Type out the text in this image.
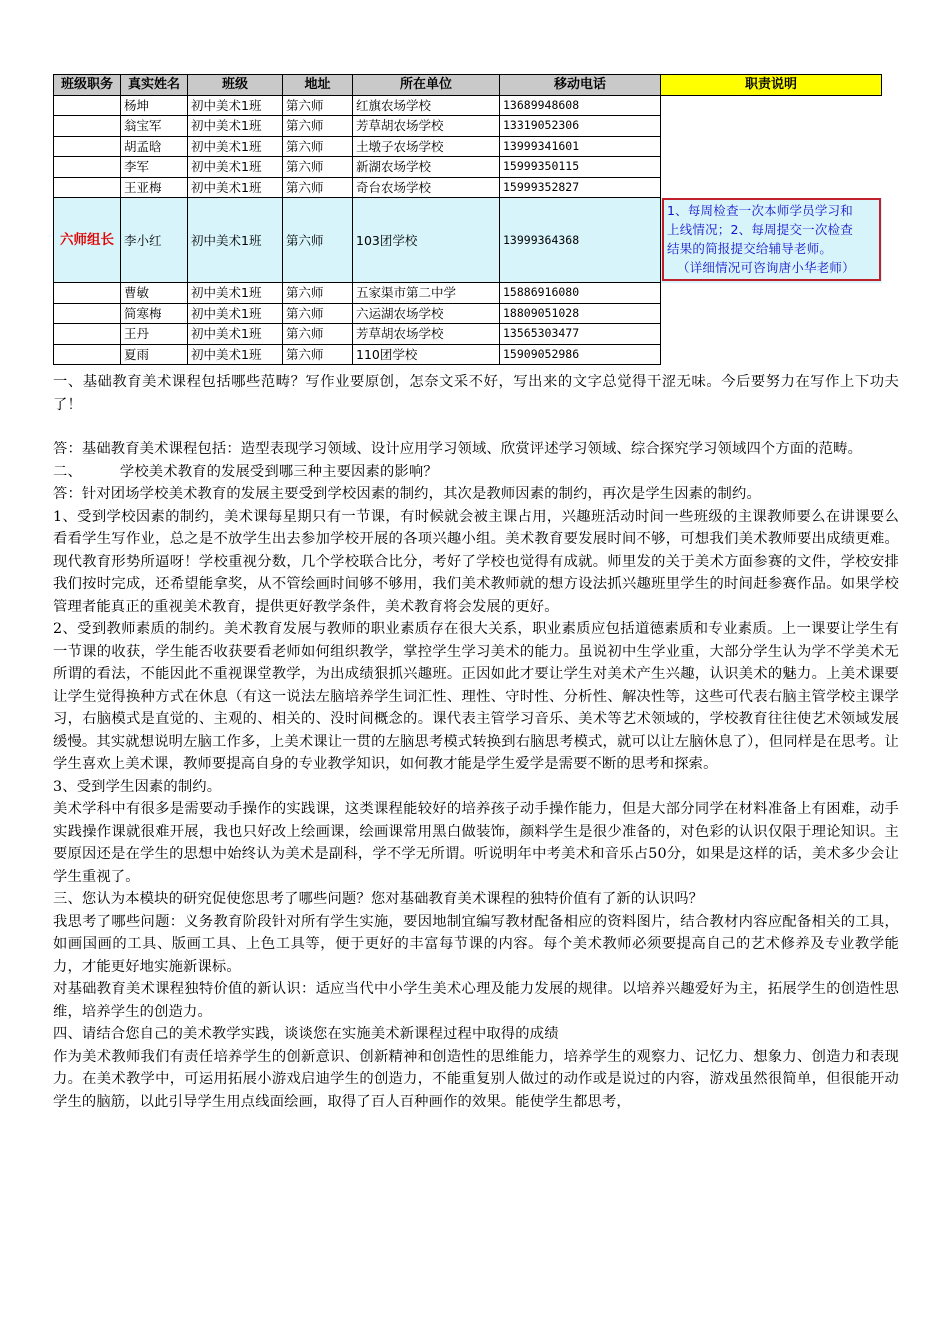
班级职务	真实姓名	班级	地址	所在单位	移动电话	职责说明
	杨坤	初中美术1班	第六师	红旗农场学校	13689948608	
	翁宝军	初中美术1班	第六师	芳草胡农场学校	13319052306	
	胡孟晗	初中美术1班	第六师	土墩子农场学校	13999341601	
	李军	初中美术1班	第六师	新湖农场学校	15999350115	
	王亚梅	初中美术1班	第六师	奇台农场学校	15999352827	
六师组长	李小红	初中美术1班	第六师	103团学校	13999364368	1、每周检查一次本师学员学习和
上线情况；2、每周提交一次检查
结果的简报提交给辅导老师。
（详细情况可咨询唐小华老师）

	曹敏	初中美术1班	第六师	五家渠市第二中学	15886916080	
	简寒梅	初中美术1班	第六师	六运湖农场学校	18809051028	
	王丹	初中美术1班	第六师	芳草胡农场学校	13565303477	
	夏雨	初中美术1班	第六师	110团学校	15909052986	

一、基础教育美术课程包括哪些范畴？写作业要原创，怎奈文采不好，写出来的文字总觉得干涩无味。今后要努力在写作上下功夫了！

答：基础教育美术课程包括：造型表现学习领域、设计应用学习领域、欣赏评述学习领域、综合探究学习领域四个方面的范畴。

二、	学校美术教育的发展受到哪三种主要因素的影响？

答：针对团场学校美术教育的发展主要受到学校因素的制约，其次是教师因素的制约，再次是学生因素的制约。

1、受到学校因素的制约，美术课每星期只有一节课，有时候就会被主课占用，兴趣班活动时间一些班级的主课教师要么在讲课要么看看学生写作业，总之是不放学生出去参加学校开展的各项兴趣小组。美术教育要发展时间不够，可想我们美术教师要出成绩更难。现代教育形势所逼呀！学校重视分数，几个学校联合比分，考好了学校也觉得有成就。师里发的关于美术方面参赛的文件，学校安排我们按时完成，还希望能拿奖，从不管绘画时间够不够用，我们美术教师就的想方设法抓兴趣班里学生的时间赶参赛作品。如果学校管理者能真正的重视美术教育，提供更好教学条件，美术教育将会发展的更好。

2、受到教师素质的制约。美术教育发展与教师的职业素质存在很大关系，职业素质应包括道德素质和专业素质。上一课要让学生有一节课的收获，学生能否收获要看老师如何组织教学，掌控学生学习美术的能力。虽说初中生学业重，大部分学生认为学不学美术无所谓的看法，不能因此不重视课堂教学，为出成绩狠抓兴趣班。正因如此才要让学生对美术产生兴趣，认识美术的魅力。上美术课要让学生觉得换种方式在休息（有这一说法左脑培养学生词汇性、理性、守时性、分析性、解决性等，这些可代表右脑主管学校主课学习，右脑模式是直觉的、主观的、相关的、没时间概念的。课代表主管学习音乐、美术等艺术领域的，学校教育往往使艺术领域发展缓慢。其实就想说明左脑工作多，上美术课让一贯的左脑思考模式转换到右脑思考模式，就可以让左脑休息了），但同样是在思考。让学生喜欢上美术课，教师要提高自身的专业教学知识，如何教才能是学生爱学是需要不断的思考和探索。

3、受到学生因素的制约。

美术学科中有很多是需要动手操作的实践课，这类课程能较好的培养孩子动手操作能力，但是大部分同学在材料准备上有困难，动手实践操作课就很难开展，我也只好改上绘画课，绘画课常用黑白做装饰，颜料学生是很少准备的，对色彩的认识仅限于理论知识。主要原因还是在学生的思想中始终认为美术是副科，学不学无所谓。听说明年中考美术和音乐占50分，如果是这样的话，美术多少会让学生重视了。

三、您认为本模块的研究促使您思考了哪些问题？您对基础教育美术课程的独特价值有了新的认识吗？

我思考了哪些问题：义务教育阶段针对所有学生实施，要因地制宜编写教材配备相应的资料图片，结合教材内容应配备相关的工具，如画国画的工具、版画工具、上色工具等，便于更好的丰富每节课的内容。每个美术教师必须要提高自己的艺术修养及专业教学能力，才能更好地实施新课标。

对基础教育美术课程独特价值的新认识：适应当代中小学生美术心理及能力发展的规律。以培养兴趣爱好为主，拓展学生的创造性思维，培养学生的创造力。

四、请结合您自己的美术教学实践，谈谈您在实施美术新课程过程中取得的成绩

作为美术教师我们有责任培养学生的创新意识、创新精神和创造性的思维能力，培养学生的观察力、记忆力、想象力、创造力和表现力。在美术教学中，可运用拓展小游戏启迪学生的创造力，不能重复别人做过的动作或是说过的内容，游戏虽然很简单，但很能开动学生的脑筋，以此引导学生用点线面绘画，取得了百人百种画作的效果。能使学生都思考，
